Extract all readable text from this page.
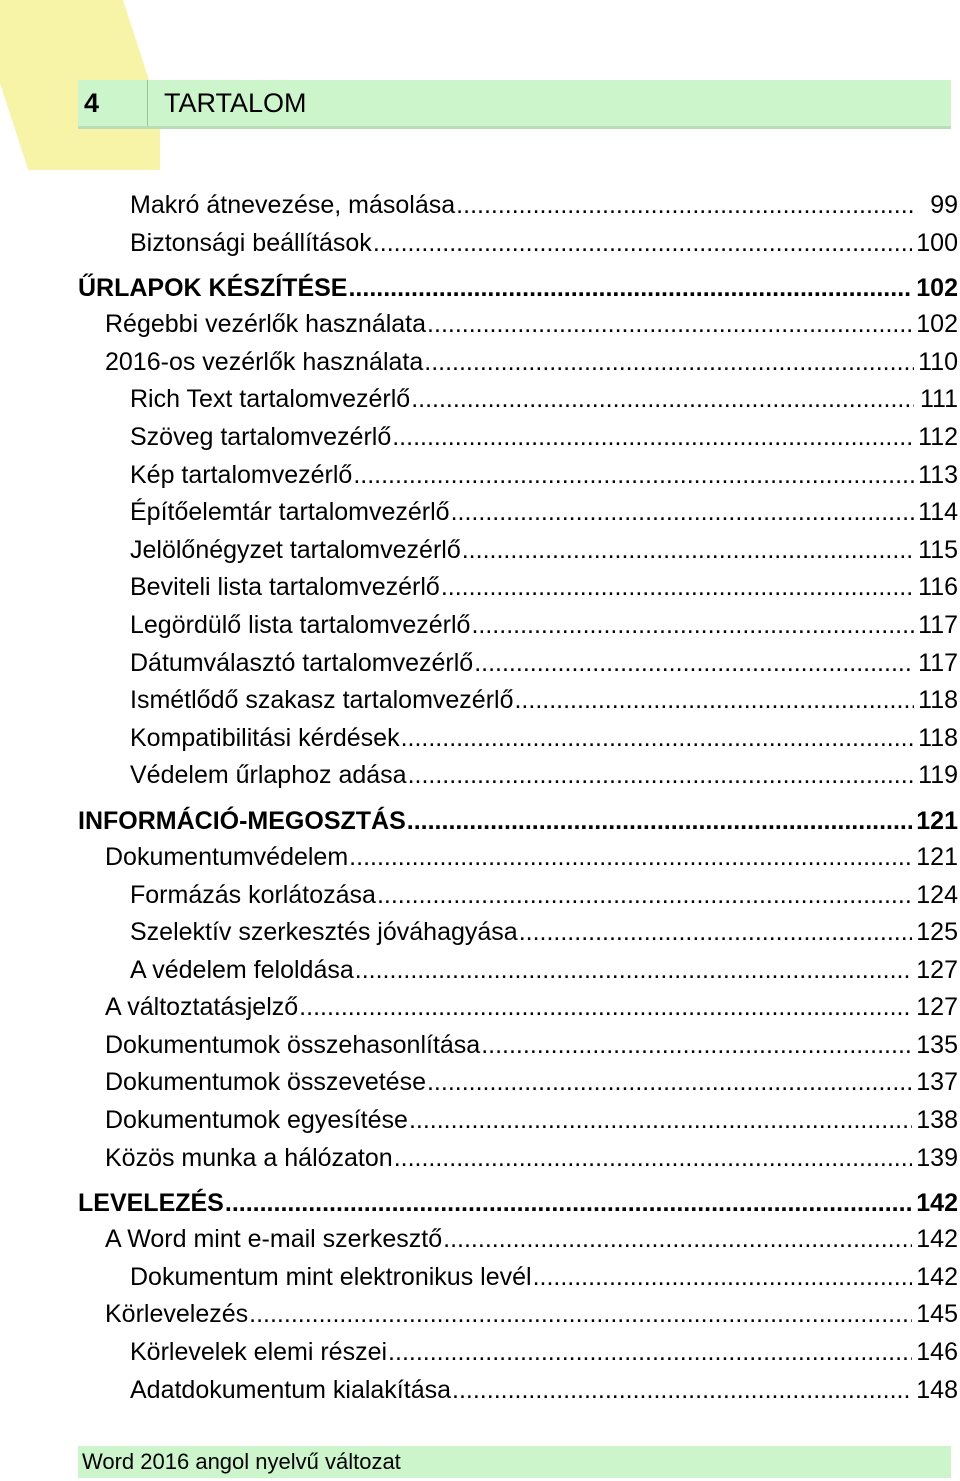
4	TARTALOM
Makró átnevezése, másolása .....	99
Biztonsági beállítások .....	100
ŰRLAPOK KÉSZÍTÉSE .....	102
Régebbi vezérlők használata .....	102
2016-os vezérlők használata .....	110
Rich Text tartalomvezérlő .....	111
Szöveg tartalomvezérlő .....	112
Kép tartalomvezérlő .....	113
Építőelemtár tartalomvezérlő .....	114
Jelölőnégyzet tartalomvezérlő .....	115
Beviteli lista tartalomvezérlő .....	116
Legördülő lista tartalomvezérlő .....	117
Dátumválasztó tartalomvezérlő .....	117
Ismétlődő szakasz tartalomvezérlő .....	118
Kompatibilitási kérdések .....	118
Védelem űrlaphoz adása .....	119
INFORMÁCIÓ-MEGOSZTÁS .....	121
Dokumentumvédelem .....	121
Formázás korlátozása .....	124
Szelektív szerkesztés jóváhagyása .....	125
A védelem feloldása .....	127
A változtatásjelző .....	127
Dokumentumok összehasonlítása .....	135
Dokumentumok összevetése .....	137
Dokumentumok egyesítése .....	138
Közös munka a hálózaton .....	139
LEVELEZÉS .....	142
A Word mint e-mail szerkesztő .....	142
Dokumentum mint elektronikus levél .....	142
Körlevelezés .....	145
Körlevelek elemi részei .....	146
Adatdokumentum kialakítása .....	148
Word 2016 angol nyelvű változat
